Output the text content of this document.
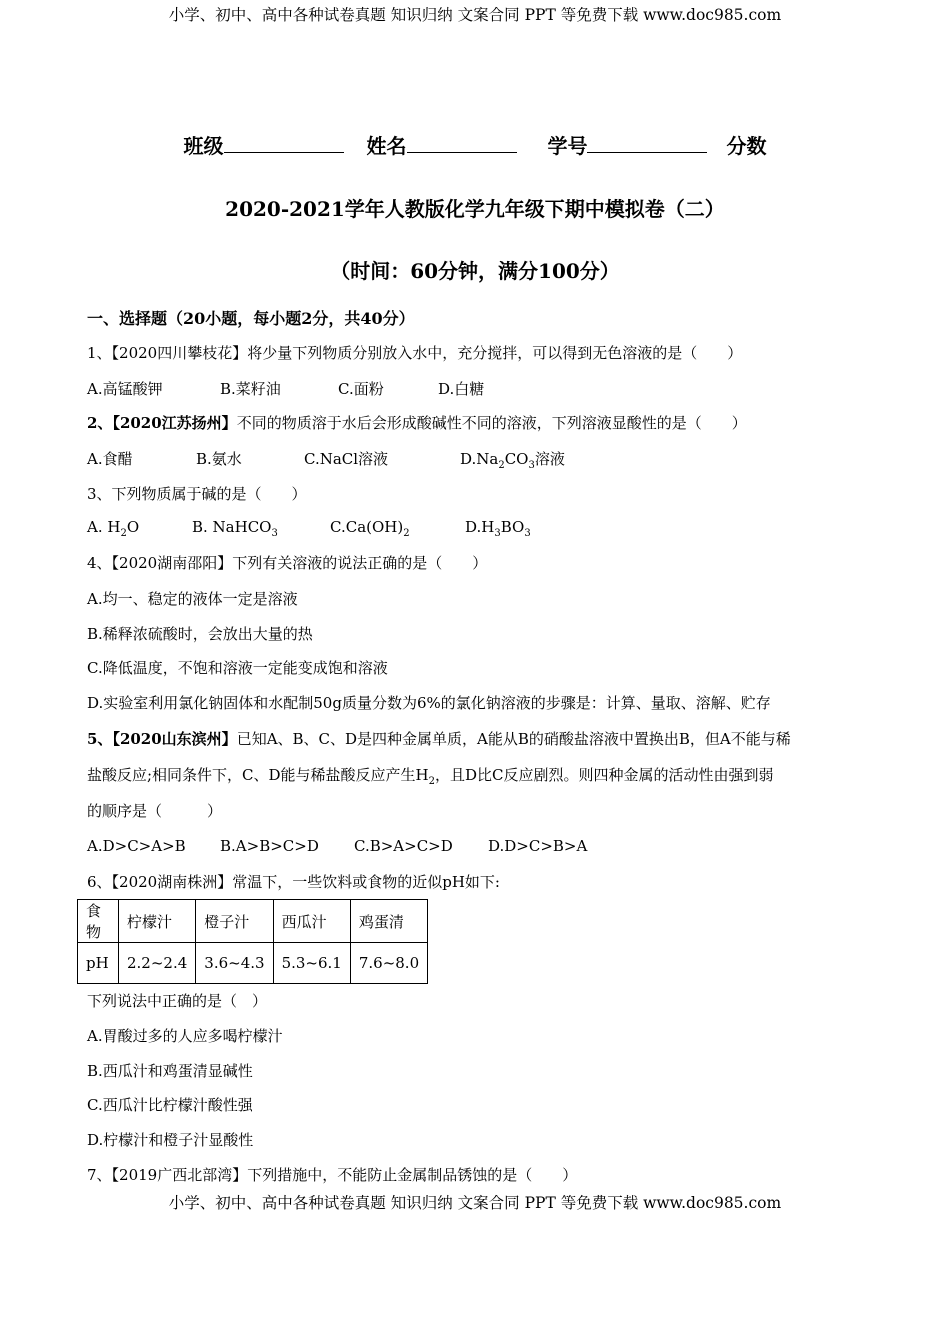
小学、初中、高中各种试卷真题 知识归纳 文案合同 PPT 等免费下载 www.doc985.com
班级	姓名	学号	分数
2020-2021学年人教版化学九年级下期中模拟卷（二）
（时间：60分钟，满分100分）
一、选择题（20小题，每小题2分，共40分）
1、【2020四川攀枝花】将少量下列物质分别放入水中，充分搅拌，可以得到无色溶液的是（　　）
A.高锰酸钾	B.菜籽油	C.面粉	D.白糖
2、【2020江苏扬州】不同的物质溶于水后会形成酸碱性不同的溶液，下列溶液显酸性的是（　　）
A.食醋	B.氨水	C.NaCl溶液	$D.Na_2CO_3$溶液
3、下列物质属于碱的是（　　）
A. $H_2O$	B. NaHCO$_3$	$C.Ca(OH)_2$	$D.H_3BO_3$
4、【2020湖南邵阳】下列有关溶液的说法正确的是（　　）
A.均一、稳定的液体一定是溶液
B.稀释浓硫酸时，会放出大量的热
C.降低温度，不饱和溶液一定能变成饱和溶液
D.实验室利用氯化钠固体和水配制50g质量分数为6%的氯化钠溶液的步骤是：计算、量取、溶解、贮存
5、【2020山东滨州】已知A、B、C、D是四种金属单质，A能从B的硝酸盐溶液中置换出B，但A不能与稀
盐酸反应;相同条件下，C、D能与稀盐酸反应产生$H_2$，且D比C反应剧烈。则四种金属的活动性由强到弱
的顺序是（　　　）
A.D>C>A>B B.A>B>C>D C.B>A>C>D D.D>C>B>A
6、【2020湖南株洲】常温下，一些饮料或食物的近似pH如下:
食物	柠檬汁	橙子汁	西瓜汁	鸡蛋清
pH	2.2~2.4	3.6~4.3	5.3~6.1	7.6~8.0
下列说法中正确的是（　）
A.胃酸过多的人应多喝柠檬汁
B.西瓜汁和鸡蛋清显碱性
C.西瓜汁比柠檬汁酸性强
D.柠檬汁和橙子汁显酸性
7、【2019广西北部湾】下列措施中，不能防止金属制品锈蚀的是（　　）
小学、初中、高中各种试卷真题 知识归纳 文案合同 PPT 等免费下载 www.doc985.com
